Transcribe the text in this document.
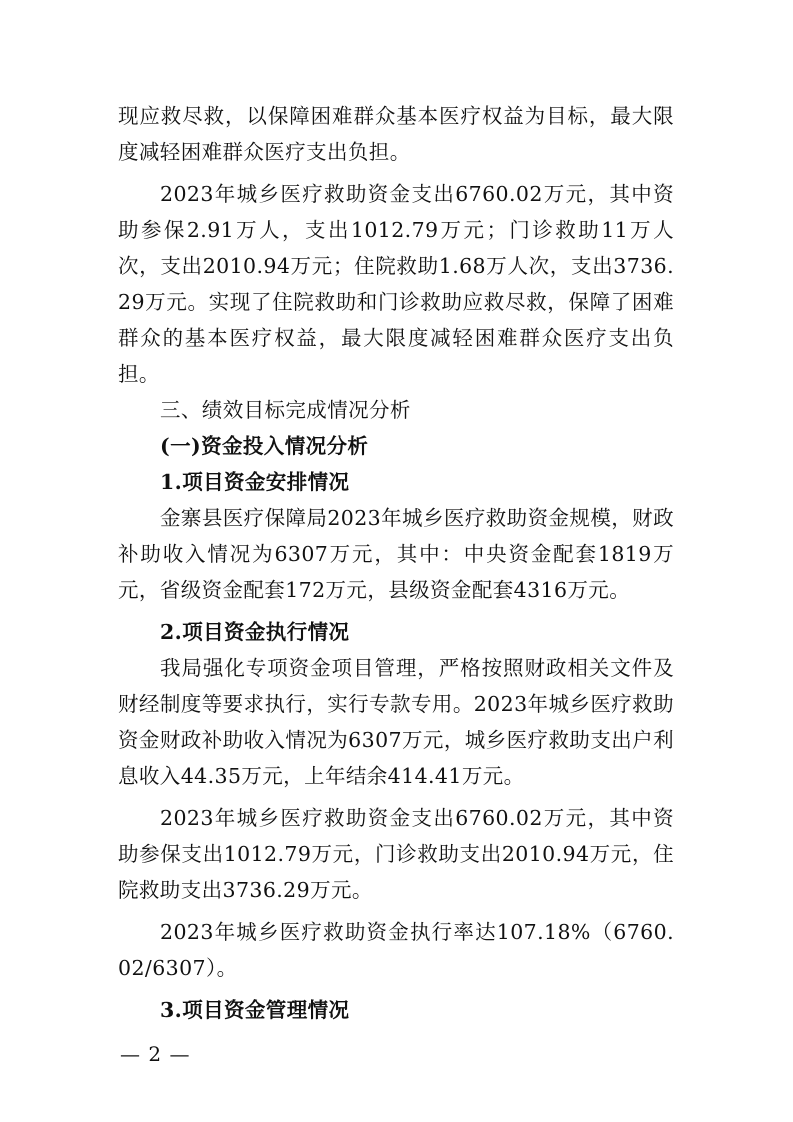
现应救尽救，以保障困难群众基本医疗权益为目标，最大限度减轻困难群众医疗支出负担。

2023年城乡医疗救助资金支出6760.02万元，其中资助参保2.91万人，支出1012.79万元；门诊救助11万人次，支出2010.94万元；住院救助1.68万人次，支出3736.29万元。实现了住院救助和门诊救助应救尽救，保障了困难群众的基本医疗权益，最大限度减轻困难群众医疗支出负担。

三、绩效目标完成情况分析

(一)资金投入情况分析

1.项目资金安排情况

金寨县医疗保障局2023年城乡医疗救助资金规模，财政补助收入情况为6307万元，其中：中央资金配套1819万元，省级资金配套172万元，县级资金配套4316万元。

2.项目资金执行情况

我局强化专项资金项目管理，严格按照财政相关文件及财经制度等要求执行，实行专款专用。2023年城乡医疗救助资金财政补助收入情况为6307万元，城乡医疗救助支出户利息收入44.35万元，上年结余414.41万元。

2023年城乡医疗救助资金支出6760.02万元，其中资助参保支出1012.79万元，门诊救助支出2010.94万元，住院救助支出3736.29万元。

2023年城乡医疗救助资金执行率达107.18%（6760.02/6307）。

3.项目资金管理情况

— 2 —
